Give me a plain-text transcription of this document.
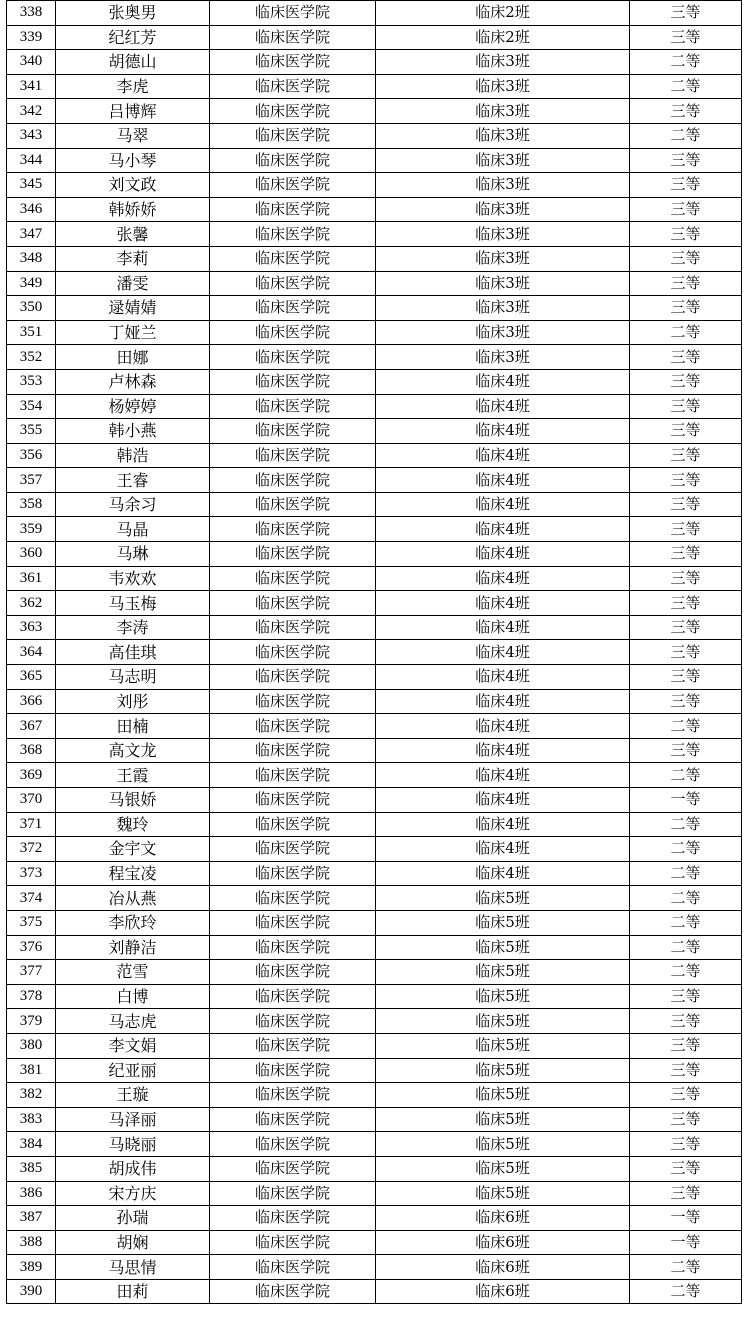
338	张奥男	临床医学院	临床2班	三等
339	纪红芳	临床医学院	临床2班	三等
340	胡德山	临床医学院	临床3班	二等
341	李虎	临床医学院	临床3班	二等
342	吕博辉	临床医学院	临床3班	三等
343	马翠	临床医学院	临床3班	二等
344	马小琴	临床医学院	临床3班	三等
345	刘文政	临床医学院	临床3班	三等
346	韩娇娇	临床医学院	临床3班	三等
347	张馨	临床医学院	临床3班	三等
348	李莉	临床医学院	临床3班	三等
349	潘雯	临床医学院	临床3班	三等
350	逯婧婧	临床医学院	临床3班	三等
351	丁娅兰	临床医学院	临床3班	二等
352	田娜	临床医学院	临床3班	三等
353	卢林森	临床医学院	临床4班	三等
354	杨婷婷	临床医学院	临床4班	三等
355	韩小燕	临床医学院	临床4班	三等
356	韩浩	临床医学院	临床4班	三等
357	王睿	临床医学院	临床4班	三等
358	马余习	临床医学院	临床4班	三等
359	马晶	临床医学院	临床4班	三等
360	马琳	临床医学院	临床4班	三等
361	韦欢欢	临床医学院	临床4班	三等
362	马玉梅	临床医学院	临床4班	三等
363	李涛	临床医学院	临床4班	三等
364	高佳琪	临床医学院	临床4班	三等
365	马志明	临床医学院	临床4班	三等
366	刘彤	临床医学院	临床4班	三等
367	田楠	临床医学院	临床4班	二等
368	高文龙	临床医学院	临床4班	三等
369	王霞	临床医学院	临床4班	二等
370	马银娇	临床医学院	临床4班	一等
371	魏玲	临床医学院	临床4班	二等
372	金宇文	临床医学院	临床4班	二等
373	程宝凌	临床医学院	临床4班	二等
374	冶从燕	临床医学院	临床5班	二等
375	李欣玲	临床医学院	临床5班	二等
376	刘静洁	临床医学院	临床5班	二等
377	范雪	临床医学院	临床5班	二等
378	白博	临床医学院	临床5班	三等
379	马志虎	临床医学院	临床5班	三等
380	李文娟	临床医学院	临床5班	三等
381	纪亚丽	临床医学院	临床5班	三等
382	王璇	临床医学院	临床5班	三等
383	马泽丽	临床医学院	临床5班	三等
384	马晓丽	临床医学院	临床5班	三等
385	胡成伟	临床医学院	临床5班	三等
386	宋方庆	临床医学院	临床5班	三等
387	孙瑞	临床医学院	临床6班	一等
388	胡娴	临床医学院	临床6班	一等
389	马思情	临床医学院	临床6班	二等
390	田莉	临床医学院	临床6班	二等
